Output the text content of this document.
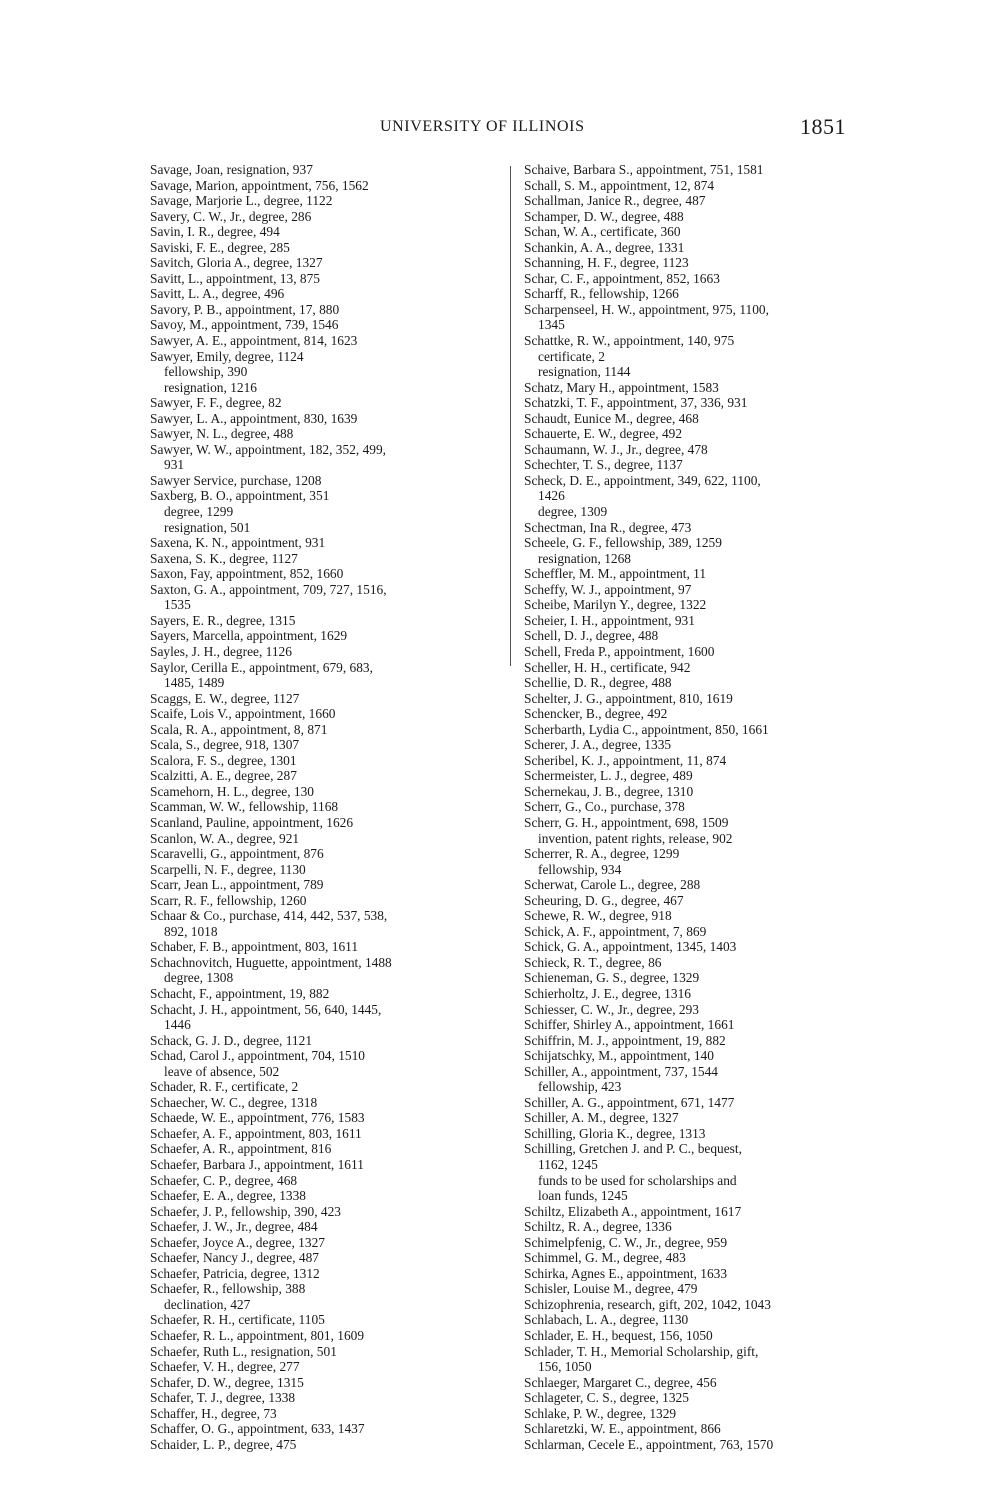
UNIVERSITY OF ILLINOIS	1851
Savage, Joan, resignation, 937
Savage, Marion, appointment, 756, 1562
Savage, Marjorie L., degree, 1122
Savery, C. W., Jr., degree, 286
Savin, I. R., degree, 494
Saviski, F. E., degree, 285
Savitch, Gloria A., degree, 1327
Savitt, L., appointment, 13, 875
Savitt, L. A., degree, 496
Savory, P. B., appointment, 17, 880
Savoy, M., appointment, 739, 1546
Sawyer, A. E., appointment, 814, 1623
Sawyer, Emily, degree, 1124
fellowship, 390
resignation, 1216
Sawyer, F. F., degree, 82
Sawyer, L. A., appointment, 830, 1639
Sawyer, N. L., degree, 488
Sawyer, W. W., appointment, 182, 352, 499,
931
Sawyer Service, purchase, 1208
Saxberg, B. O., appointment, 351
degree, 1299
resignation, 501
Saxena, K. N., appointment, 931
Saxena, S. K., degree, 1127
Saxon, Fay, appointment, 852, 1660
Saxton, G. A., appointment, 709, 727, 1516,
1535
Sayers, E. R., degree, 1315
Sayers, Marcella, appointment, 1629
Sayles, J. H., degree, 1126
Saylor, Cerilla E., appointment, 679, 683,
1485, 1489
Scaggs, E. W., degree, 1127
Scaife, Lois V., appointment, 1660
Scala, R. A., appointment, 8, 871
Scala, S., degree, 918, 1307
Scalora, F. S., degree, 1301
Scalzitti, A. E., degree, 287
Scamehorn, H. L., degree, 130
Scamman, W. W., fellowship, 1168
Scanland, Pauline, appointment, 1626
Scanlon, W. A., degree, 921
Scaravelli, G., appointment, 876
Scarpelli, N. F., degree, 1130
Scarr, Jean L., appointment, 789
Scarr, R. F., fellowship, 1260
Schaar & Co., purchase, 414, 442, 537, 538,
892, 1018
Schaber, F. B., appointment, 803, 1611
Schachnovitch, Huguette, appointment, 1488
degree, 1308
Schacht, F., appointment, 19, 882
Schacht, J. H., appointment, 56, 640, 1445,
1446
Schack, G. J. D., degree, 1121
Schad, Carol J., appointment, 704, 1510
leave of absence, 502
Schader, R. F., certificate, 2
Schaecher, W. C., degree, 1318
Schaede, W. E., appointment, 776, 1583
Schaefer, A. F., appointment, 803, 1611
Schaefer, A. R., appointment, 816
Schaefer, Barbara J., appointment, 1611
Schaefer, C. P., degree, 468
Schaefer, E. A., degree, 1338
Schaefer, J. P., fellowship, 390, 423
Schaefer, J. W., Jr., degree, 484
Schaefer, Joyce A., degree, 1327
Schaefer, Nancy J., degree, 487
Schaefer, Patricia, degree, 1312
Schaefer, R., fellowship, 388
declination, 427
Schaefer, R. H., certificate, 1105
Schaefer, R. L., appointment, 801, 1609
Schaefer, Ruth L., resignation, 501
Schaefer, V. H., degree, 277
Schafer, D. W., degree, 1315
Schafer, T. J., degree, 1338
Schaffer, H., degree, 73
Schaffer, O. G., appointment, 633, 1437
Schaider, L. P., degree, 475
Schaive, Barbara S., appointment, 751, 1581
Schall, S. M., appointment, 12, 874
Schallman, Janice R., degree, 487
Schamper, D. W., degree, 488
Schan, W. A., certificate, 360
Schankin, A. A., degree, 1331
Schanning, H. F., degree, 1123
Schar, C. F., appointment, 852, 1663
Scharff, R., fellowship, 1266
Scharpenseel, H. W., appointment, 975, 1100,
1345
Schattke, R. W., appointment, 140, 975
certificate, 2
resignation, 1144
Schatz, Mary H., appointment, 1583
Schatzki, T. F., appointment, 37, 336, 931
Schaudt, Eunice M., degree, 468
Schauerte, E. W., degree, 492
Schaumann, W. J., Jr., degree, 478
Schechter, T. S., degree, 1137
Scheck, D. E., appointment, 349, 622, 1100,
1426
degree, 1309
Schectman, Ina R., degree, 473
Scheele, G. F., fellowship, 389, 1259
resignation, 1268
Scheffler, M. M., appointment, 11
Scheffy, W. J., appointment, 97
Scheibe, Marilyn Y., degree, 1322
Scheier, I. H., appointment, 931
Schell, D. J., degree, 488
Schell, Freda P., appointment, 1600
Scheller, H. H., certificate, 942
Schellie, D. R., degree, 488
Schelter, J. G., appointment, 810, 1619
Schencker, B., degree, 492
Scherbarth, Lydia C., appointment, 850, 1661
Scherer, J. A., degree, 1335
Scheribel, K. J., appointment, 11, 874
Schermeister, L. J., degree, 489
Schernekau, J. B., degree, 1310
Scherr, G., Co., purchase, 378
Scherr, G. H., appointment, 698, 1509
invention, patent rights, release, 902
Scherrer, R. A., degree, 1299
fellowship, 934
Scherwat, Carole L., degree, 288
Scheuring, D. G., degree, 467
Schewe, R. W., degree, 918
Schick, A. F., appointment, 7, 869
Schick, G. A., appointment, 1345, 1403
Schieck, R. T., degree, 86
Schieneman, G. S., degree, 1329
Schierholtz, J. E., degree, 1316
Schiesser, C. W., Jr., degree, 293
Schiffer, Shirley A., appointment, 1661
Schiffrin, M. J., appointment, 19, 882
Schijatschky, M., appointment, 140
Schiller, A., appointment, 737, 1544
fellowship, 423
Schiller, A. G., appointment, 671, 1477
Schiller, A. M., degree, 1327
Schilling, Gloria K., degree, 1313
Schilling, Gretchen J. and P. C., bequest,
1162, 1245
funds to be used for scholarships and
loan funds, 1245
Schiltz, Elizabeth A., appointment, 1617
Schiltz, R. A., degree, 1336
Schimelpfenig, C. W., Jr., degree, 959
Schimmel, G. M., degree, 483
Schirka, Agnes E., appointment, 1633
Schisler, Louise M., degree, 479
Schizophrenia, research, gift, 202, 1042, 1043
Schlabach, L. A., degree, 1130
Schlader, E. H., bequest, 156, 1050
Schlader, T. H., Memorial Scholarship, gift,
156, 1050
Schlaeger, Margaret C., degree, 456
Schlageter, C. S., degree, 1325
Schlake, P. W., degree, 1329
Schlaretzki, W. E., appointment, 866
Schlarman, Cecele E., appointment, 763, 1570
